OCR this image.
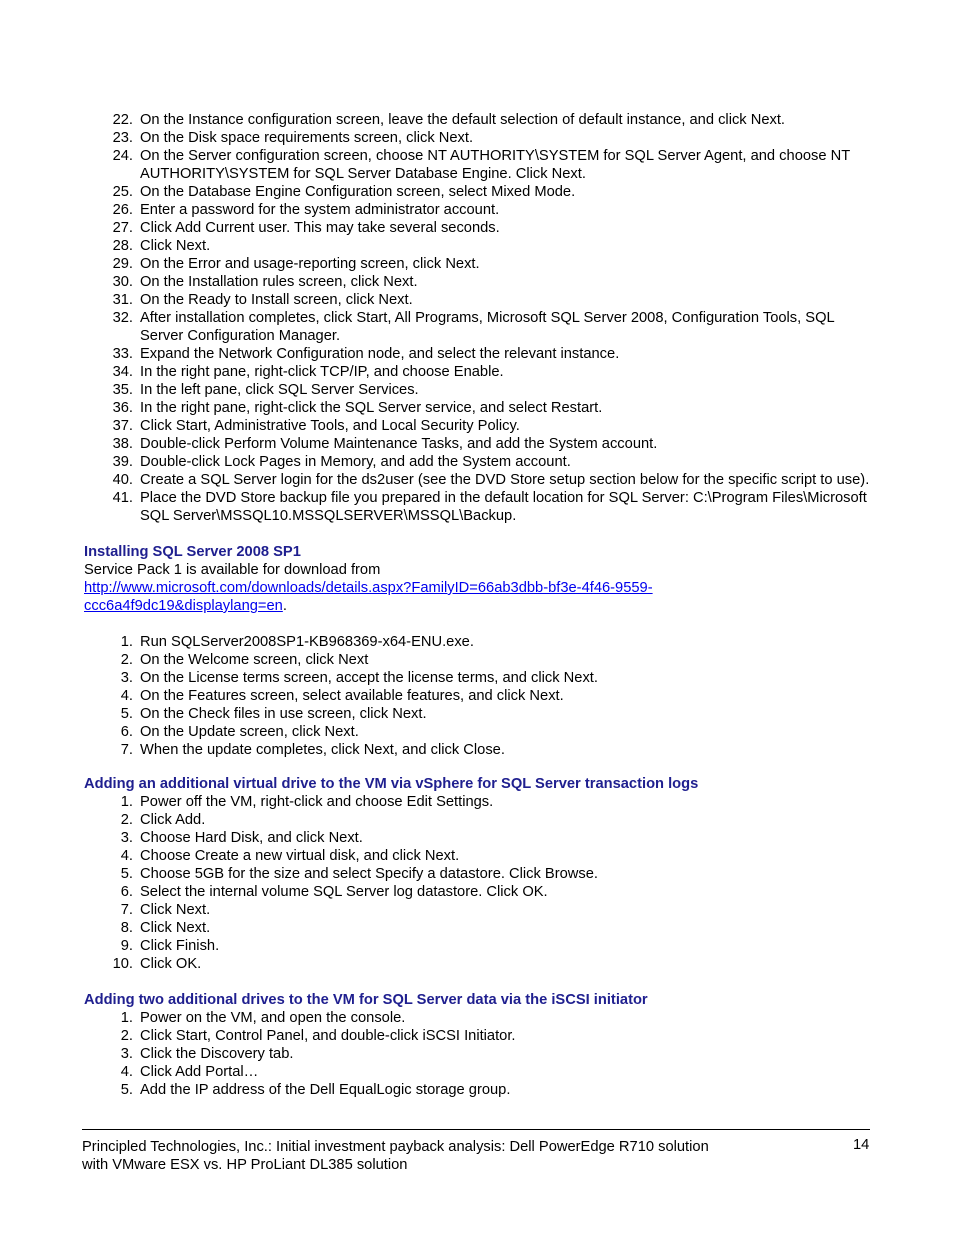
22. On the Instance configuration screen, leave the default selection of default instance, and click Next.
23. On the Disk space requirements screen, click Next.
24. On the Server configuration screen, choose NT AUTHORITY\SYSTEM for SQL Server Agent, and choose NT AUTHORITY\SYSTEM for SQL Server Database Engine. Click Next.
25. On the Database Engine Configuration screen, select Mixed Mode.
26. Enter a password for the system administrator account.
27. Click Add Current user. This may take several seconds.
28. Click Next.
29. On the Error and usage-reporting screen, click Next.
30. On the Installation rules screen, click Next.
31. On the Ready to Install screen, click Next.
32. After installation completes, click Start, All Programs, Microsoft SQL Server 2008, Configuration Tools, SQL Server Configuration Manager.
33. Expand the Network Configuration node, and select the relevant instance.
34. In the right pane, right-click TCP/IP, and choose Enable.
35. In the left pane, click SQL Server Services.
36. In the right pane, right-click the SQL Server service, and select Restart.
37. Click Start, Administrative Tools, and Local Security Policy.
38. Double-click Perform Volume Maintenance Tasks, and add the System account.
39. Double-click Lock Pages in Memory, and add the System account.
40. Create a SQL Server login for the ds2user (see the DVD Store setup section below for the specific script to use).
41. Place the DVD Store backup file you prepared in the default location for SQL Server: C:\Program Files\Microsoft SQL Server\MSSQL10.MSSQLSERVER\MSSQL\Backup.
Installing SQL Server 2008 SP1

Service Pack 1 is available for download from
http://www.microsoft.com/downloads/details.aspx?FamilyID=66ab3dbb-bf3e-4f46-9559-
ccc6a4f9dc19&displaylang=en.

1. Run SQLServer2008SP1-KB968369-x64-ENU.exe.
2. On the Welcome screen, click Next
3. On the License terms screen, accept the license terms, and click Next.
4. On the Features screen, select available features, and click Next.
5. On the Check files in use screen, click Next.
6. On the Update screen, click Next.
7. When the update completes, click Next, and click Close.
Adding an additional virtual drive to the VM via vSphere for SQL Server transaction logs
1. Power off the VM, right-click and choose Edit Settings.
2. Click Add.
3. Choose Hard Disk, and click Next.
4. Choose Create a new virtual disk, and click Next.
5. Choose 5GB for the size and select Specify a datastore. Click Browse.
6. Select the internal volume SQL Server log datastore. Click OK.
7. Click Next.
8. Click Next.
9. Click Finish.
10. Click OK.
Adding two additional drives to the VM for SQL Server data via the iSCSI initiator
1. Power on the VM, and open the console.
2. Click Start, Control Panel, and double-click iSCSI Initiator.
3. Click the Discovery tab.
4. Click Add Portal…
5. Add the IP address of the Dell EqualLogic storage group.
Principled Technologies, Inc.: Initial investment payback analysis: Dell PowerEdge R710 solution with VMware ESX vs. HP ProLiant DL385 solution
14
